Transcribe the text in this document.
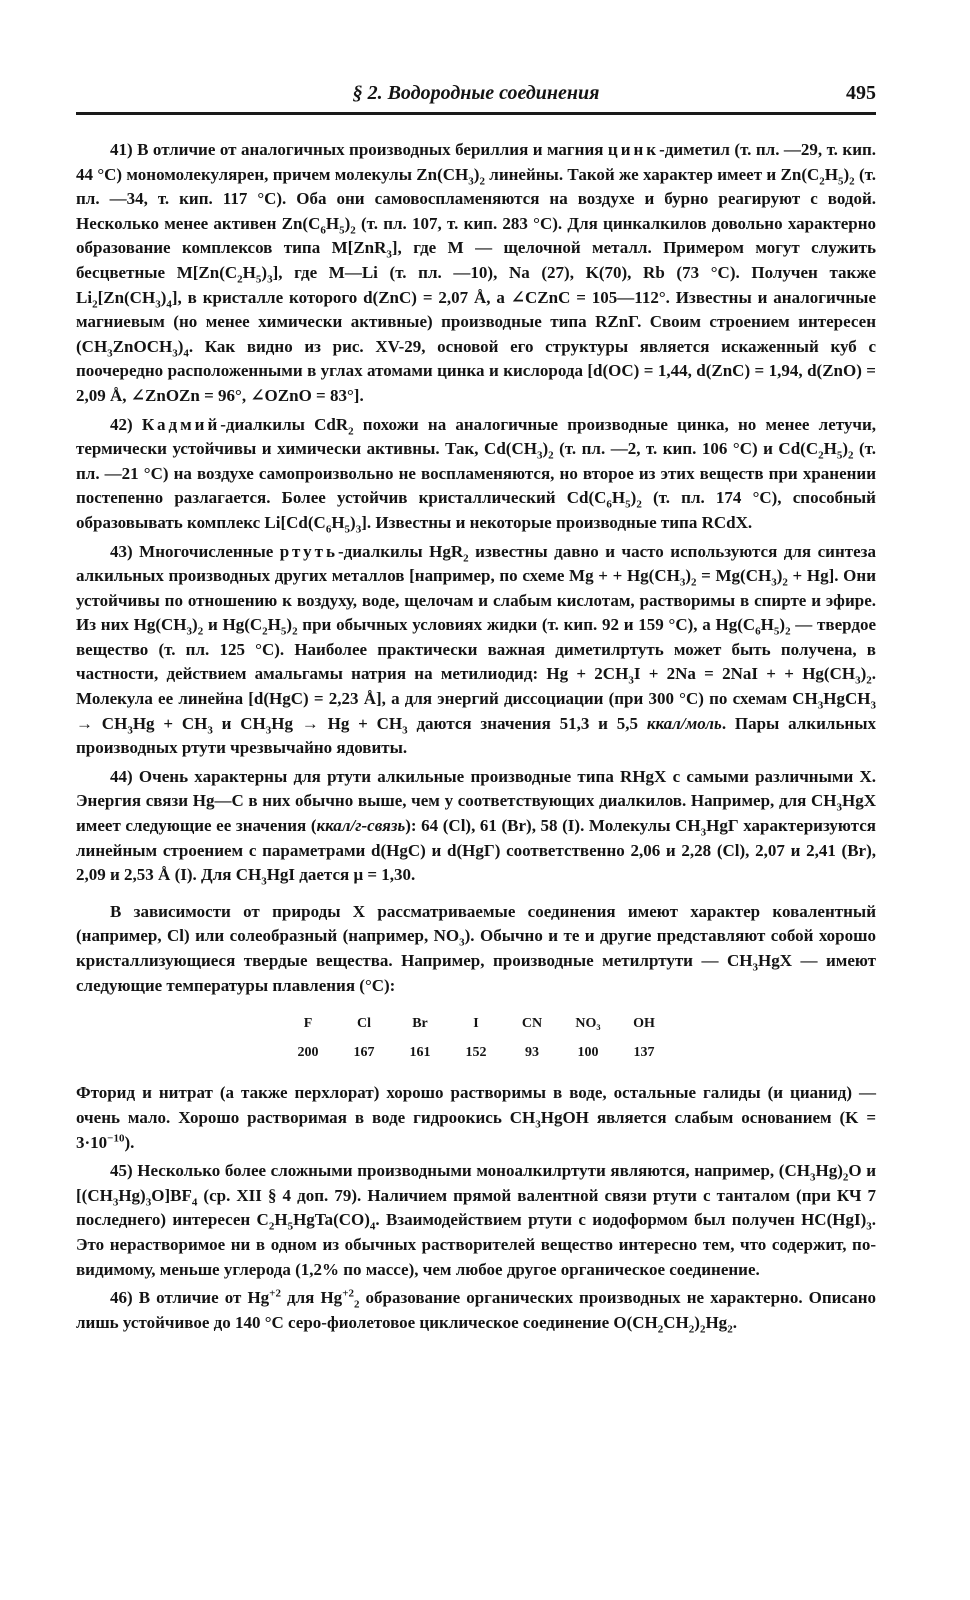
§ 2. Водородные соединения	495

41) В отличие от аналогичных производных бериллия и магния цинк-диметил (т. пл. —29, т. кип. 44 °С) мономолекулярен, причем молекулы $Zn(CH_3)_2$ линейны. Такой же характер имеет и $Zn(C_2H_5)_2$ (т. пл. —34, т. кип. 117 °С). Оба они самовоспламеняются на воздухе и бурно реагируют с водой. Несколько менее активен $Zn(C_6H_5)_2$ (т. пл. 107, т. кип. 283 °С). Для цинкалкилов довольно характерно образование комплексов типа M[ZnR$_3$], где M — щелочной металл. Примером могут служить бесцветные $M[Zn(C_2H_5)_3]$, где M—Li (т. пл. —10), Na (27), K(70), Rb (73 °С). Получен также $Li_2[Zn(CH_3)_4]$, в кристалле которого d(ZnC) = 2,07 Å, а ∠CZnC = 105—112°. Известны и аналогичные магниевым (но менее химически активные) производные типа RZnГ. Своим строением интересен $(CH_3ZnOCH_3)_4$. Как видно из рис. XV-29, основой его структуры является искаженный куб с поочередно расположенными в углах атомами цинка и кислорода [d(OC) = 1,44, d(ZnC) = 1,94, d(ZnO) = 2,09 Å, ∠ZnOZn = 96°, ∠OZnO = 83°].

42) Кадмий-диалкилы CdR$_2$ похожи на аналогичные производные цинка, но менее летучи, термически устойчивы и химически активны. Так, $Cd(CH_3)_2$ (т. пл. —2, т. кип. 106 °С) и $Cd(C_2H_5)_2$ (т. пл. —21 °С) на воздухе самопроизвольно не воспламеняются, но второе из этих веществ при хранении постепенно разлагается. Более устойчив кристаллический $Cd(C_6H_5)_2$ (т. пл. 174 °С), способный образовывать комплекс $Li[Cd(C_6H_5)_3]$. Известны и некоторые производные типа RCdX.

43) Многочисленные ртуть-диалкилы HgR$_2$ известны давно и часто используются для синтеза алкильных производных других металлов [например, по схеме Mg + + $Hg(CH_3)_2 = Mg(CH_3)_2 + Hg$]. Они устойчивы по отношению к воздуху, воде, щелочам и слабым кислотам, растворимы в спирте и эфире. Из них $Hg(CH_3)_2$ и $Hg(C_2H_5)_2$ при обычных условиях жидки (т. кип. 92 и 159 °С), а $Hg(C_6H_5)_2$ — твердое вещество (т. пл. 125 °С). Наиболее практически важная диметилртуть может быть получена, в частности, действием амальгамы натрия на метилиодид: $Hg + 2CH_3I + 2Na = 2NaI$ + + $Hg(CH_3)_2$. Молекула ее линейна [d(HgC) = 2,23 Å], а для энергий диссоциации (при 300 °С) по схемам $CH_3HgCH_3 \to CH_3Hg + CH_3$ и $CH_3Hg \to Hg + CH_3$ даются значения 51,3 и 5,5 ккал/моль. Пары алкильных производных ртути чрезвычайно ядовиты.

44) Очень характерны для ртути алкильные производные типа RHgX с самыми различными X. Энергия связи Hg—C в них обычно выше, чем у соответствующих диалкилов. Например, для $CH_3HgX$ имеет следующие ее значения (ккал/г-связь): 64 (Cl), 61 (Br), 58 (I). Молекулы $CH_3HgГ$ характеризуются линейным строением с параметрами d(HgC) и d(HgГ) соответственно 2,06 и 2,28 (Cl), 2,07 и 2,41 (Br), 2,09 и 2,53 Å (I). Для $CH_3HgI$ дается μ = 1,30.

В зависимости от природы X рассматриваемые соединения имеют характер ковалентный (например, Cl) или солеобразный (например, $NO_3$). Обычно и те и другие представляют собой хорошо кристаллизующиеся твердые вещества. Например, производные метилртути — $CH_3HgX$ — имеют следующие температуры плавления (°С):

F	Cl	Br	I	CN	NO₃	OH
200	167	161	152	93	100	137

Фторид и нитрат (а также перхлорат) хорошо растворимы в воде, остальные галиды (и цианид) — очень мало. Хорошо растворимая в воде гидроокись $CH_3HgOH$ является слабым основанием $(K = 3\cdot 10^{-10})$.

45) Несколько более сложными производными моноалкилртути являются, например, $(CH_3Hg)_2O$ и $[(CH_3Hg)_3O]BF_4$ (ср. XII § 4 доп. 79). Наличием прямой валентной связи ртути с танталом (при КЧ 7 последнего) интересен $C_2H_5HgTa(CO)_4$. Взаимодействием ртути с иодоформом был получен $HC(HgI)_3$. Это нерастворимое ни в одном из обычных растворителей вещество интересно тем, что содержит, по-видимому, меньше углерода (1,2% по массе), чем любое другое органическое соединение.

46) В отличие от $Hg^{+2}$ для $Hg^{+2}_2$ образование органических производных не характерно. Описано лишь устойчивое до 140 °С серо-фиолетовое циклическое соединение $O(CH_2CH_2)_2Hg_2$.
